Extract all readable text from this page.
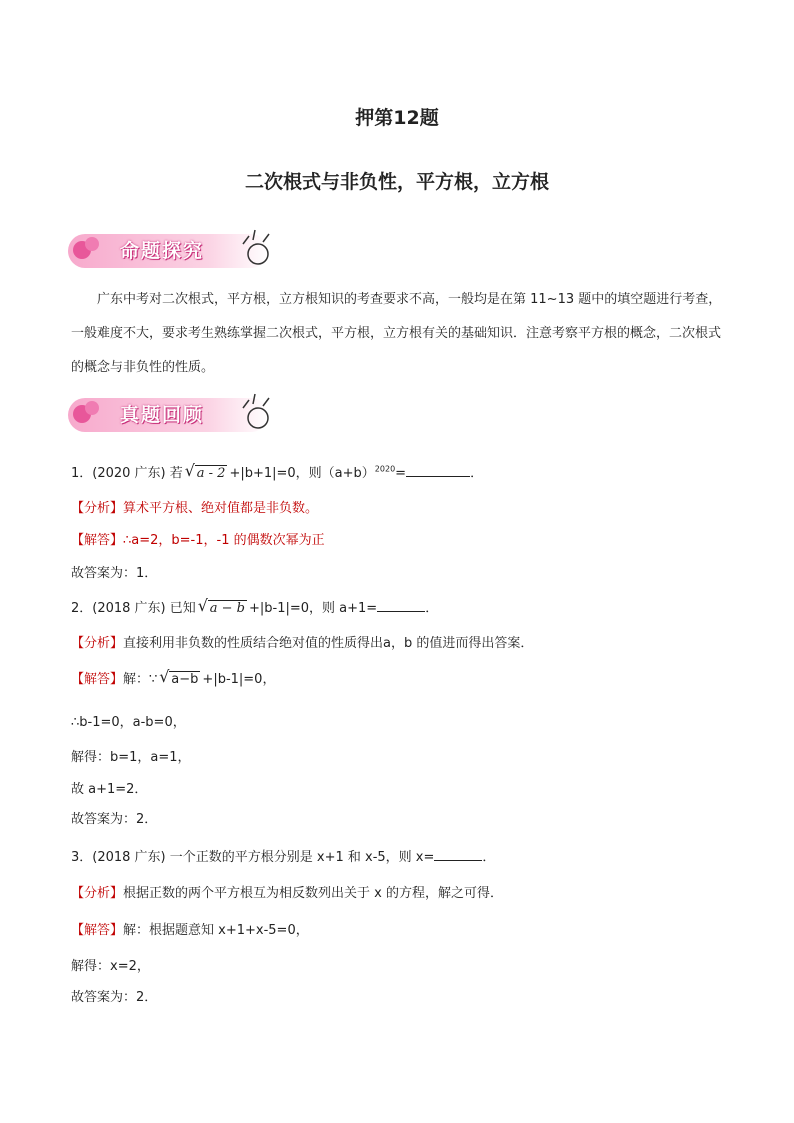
押第12题
二次根式与非负性，平方根，立方根
命题探究
广东中考对二次根式，平方根，立方根知识的考查要求不高，一般均是在第 11~13 题中的填空题进行考查，一般难度不大，要求考生熟练掌握二次根式，平方根，立方根有关的基础知识．注意考察平方根的概念，二次根式的概念与非负性的性质。
真题回顾
1．(2020 广东) 若 √ a - 2 +|b+1|=0，则$(a+b)^{2020}=$	．
【分析】算术平方根、绝对值都是非负数。
【解答】∴a=2，b=-1，-1 的偶数次幂为正
故答案为：1．
2．(2018 广东) 已知 √ a − b +|b-1|=0，则 a+1=	．
【分析】直接利用非负数的性质结合绝对值的性质得出a，b 的值进而得出答案．
【解答】解：∵ √ a−b +|b-1|=0，
∴b-1=0，a-b=0，
解得：b=1，a=1，
故 a+1=2．
故答案为：2．
3．(2018 广东) 一个正数的平方根分别是 x+1 和 x-5，则 x=	．
【分析】根据正数的两个平方根互为相反数列出关于 x 的方程，解之可得．
【解答】解：根据题意知 x+1+x-5=0，
解得：x=2，
故答案为：2．
